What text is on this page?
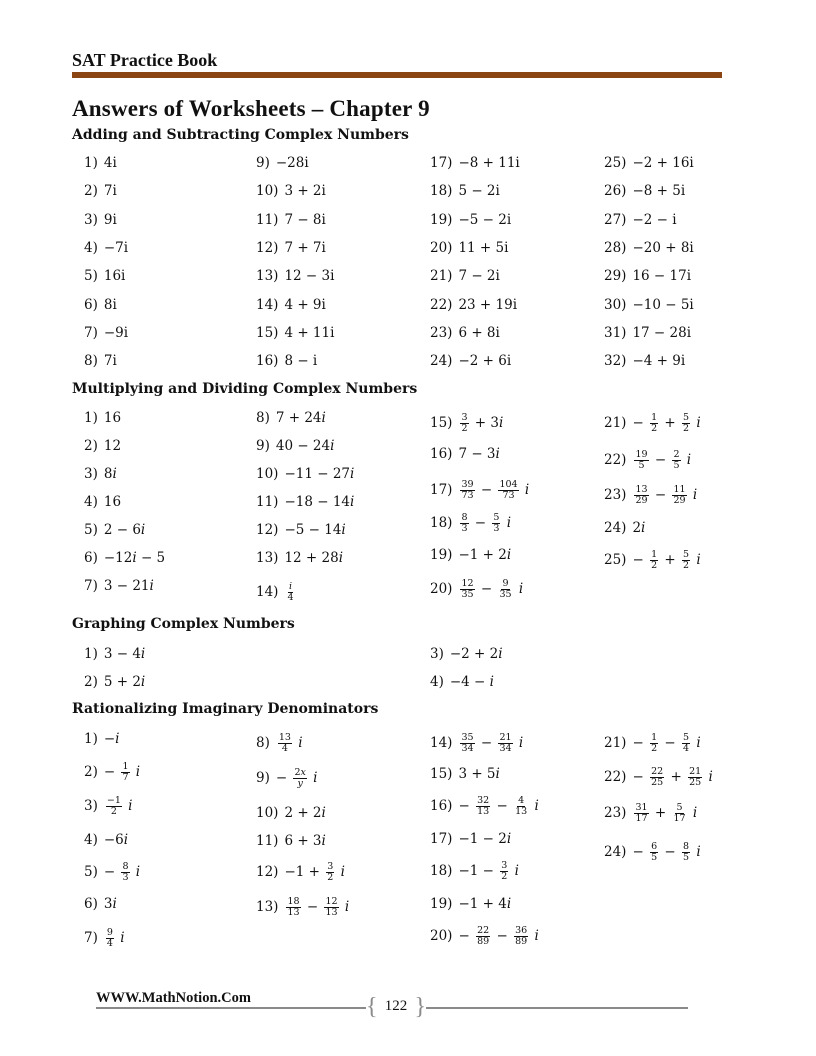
SAT Practice Book
Answers of Worksheets – Chapter 9
Adding and Subtracting Complex Numbers
1) 4i
2) 7i
3) 9i
4) −7i
5) 16i
6) 8i
7) −9i
8) 7i
9) −28i
10) 3 + 2i
11) 7 − 8i
12) 7 + 7i
13) 12 − 3i
14) 4 + 9i
15) 4 + 11i
16) 8 − i
17) −8 + 11i
18) 5 − 2i
19) −5 − 2i
20) 11 + 5i
21) 7 − 2i
22) 23 + 19i
23) 6 + 8i
24) −2 + 6i
25) −2 + 16i
26) −8 + 5i
27) −2 − i
28) −20 + 8i
29) 16 − 17i
30) −10 − 5i
31) 17 − 28i
32) −4 + 9i
Multiplying and Dividing Complex Numbers
1) 16
2) 12
3) 8𝑖
4) 16
5) 2 − 6𝑖
6) −12𝑖 − 5
7) 3 − 21𝑖
8) 7 + 24𝑖
9) 40 − 24𝑖
10) −11 − 27𝑖
11) −18 − 14𝑖
12) −5 − 14𝑖
13) 12 + 28𝑖
$14) \frac{\text{𝑖}}{4}$
$15) \frac{3}{2}$ + 3𝑖
16) 7 − 3𝑖
$17) \frac{39}{73} - \frac{104}{73}$ 𝑖
$18) \frac{8}{3} - \frac{5}{3}$ 𝑖
19) −1 + 2𝑖
$20) \frac{12}{35} - \frac{9}{35}$ 𝑖
$21) - \frac{1}{2} + \frac{5}{2}$ 𝑖
$22) \frac{19}{5} - \frac{2}{5}$ 𝑖
$23) \frac{13}{29} - \frac{11}{29}$ 𝑖
24) 2𝑖
$25) - \frac{1}{2} + \frac{5}{2}$ 𝑖
Graphing Complex Numbers
1) 3 − 4𝑖
2) 5 + 2𝑖
3) −2 + 2𝑖
4) −4 − 𝑖
Rationalizing Imaginary Denominators
1) −𝑖
$2) - \frac{1}{7}$ 𝑖
$3) \frac{-1}{2}$ 𝑖
4) −6𝑖
$5) - \frac{8}{3}$ 𝑖
6) 3𝑖
$7) \frac{9}{4}$ 𝑖
$8) \frac{13}{4}$ 𝑖
$9) - \frac{\text{2𝑥}}{\text{𝑦}}$ 𝑖
10) 2 + 2𝑖
11) 6 + 3𝑖
$12) -1 + \frac{3}{2}$ 𝑖
$13) \frac{18}{13} - \frac{12}{13}$ 𝑖
$14) \frac{35}{34} - \frac{21}{34}$ 𝑖
15) 3 + 5𝑖
$16) - \frac{32}{13} - \frac{4}{13}$ 𝑖
17) −1 − 2𝑖
$18) -1 - \frac{3}{2}$ 𝑖
19) −1 + 4𝑖
$20) - \frac{22}{89} - \frac{36}{89}$ 𝑖
$21) - \frac{1}{2} - \frac{5}{4}$ 𝑖
$22) - \frac{22}{25} + \frac{21}{25}$ 𝑖
$23) \frac{31}{17} + \frac{5}{17}$ 𝑖
$24) - \frac{6}{5} - \frac{8}{5}$ 𝑖
WWW.MathNotion.Com	{ 122 }
